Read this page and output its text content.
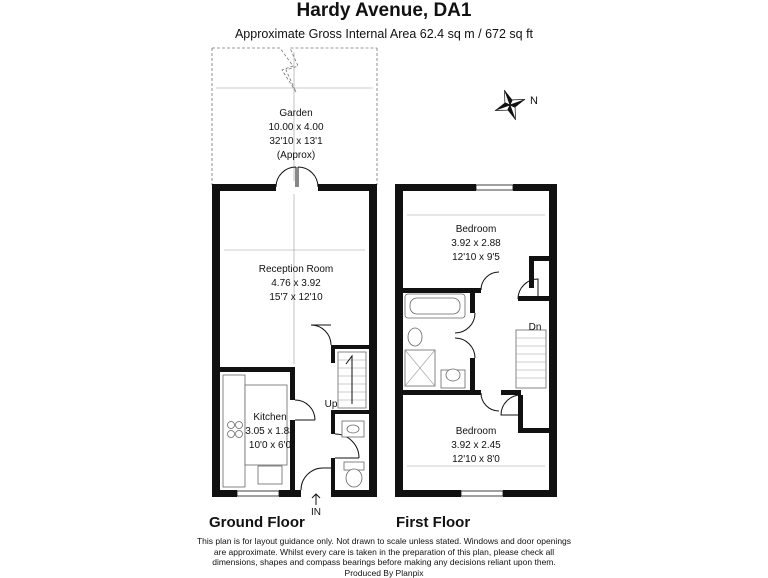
Hardy Avenue, DA1
Approximate Gross Internal Area 62.4 sq m / 672 sq ft
N
Garden
10.00 x 4.00
32'10 x 13'1
(Approx)
Reception Room
4.76 x 3.92
15'7 x 12'10
Kitchen
3.05 x 1.83
10'0 x 6'0
Up
IN
Bedroom
3.92 x 2.88
12'10 x 9'5
Bedroom
3.92 x 2.45
12'10 x 8'0
Dn
Ground Floor	First Floor
This plan is for layout guidance only. Not drawn to scale unless stated. Windows and door openings
are approximate. Whilst every care is taken in the preparation of this plan, please check all
dimensions, shapes and compass bearings before making any decisions reliant upon them.
Produced By Planpix
